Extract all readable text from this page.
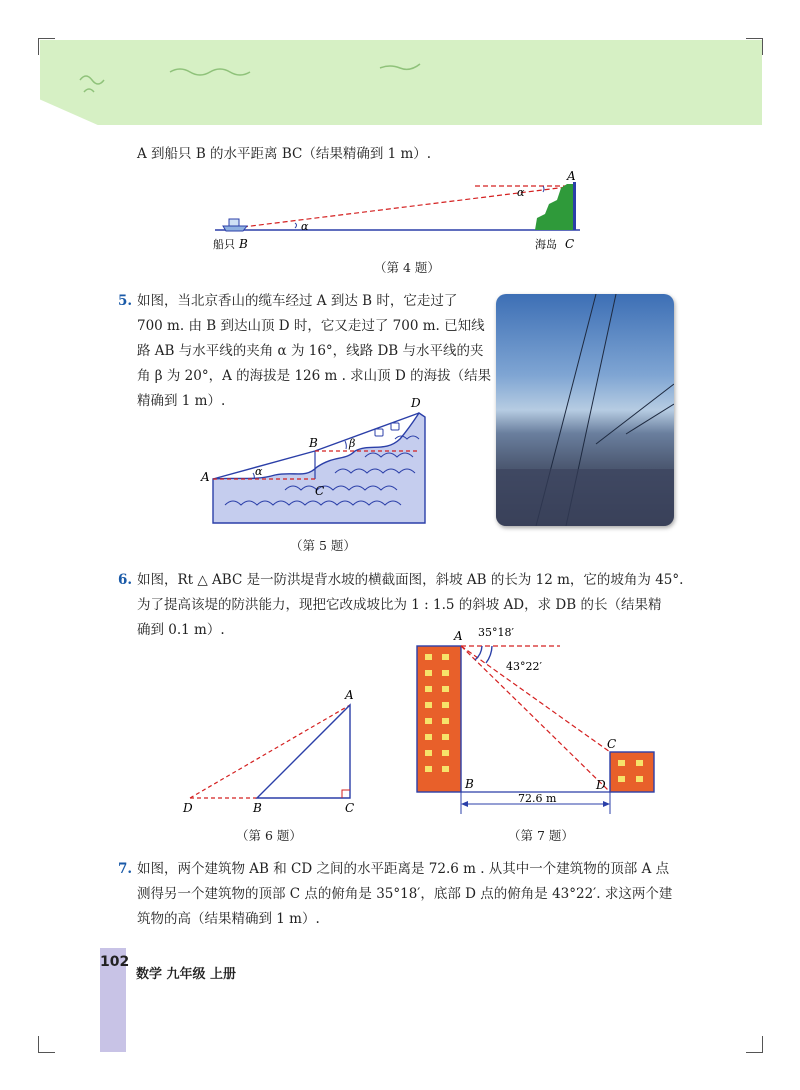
A 到船只 B 的水平距离 BC（结果精确到 1 m）.
A
α
α
船只 B	海岛 C
（第 4 题）
5. 如图，当北京香山的缆车经过 A 到达 B 时，它走过了
700 m. 由 B 到达山顶 D 时，它又走过了 700 m. 已知线
路 AB 与水平线的夹角 α 为 16°，线路 DB 与水平线的夹
角 β 为 20°，A 的海拔是 126 m . 求山顶 D 的海拔（结果
精确到 1 m）.
A
B
C
D
α
β
（第 5 题）
6. 如图，Rt △ ABC 是一防洪堤背水坡的横截面图，斜坡 AB 的长为 12 m，它的坡角为 45°.
为了提高该堤的防洪能力，现把它改成坡比为 1 : 1.5 的斜坡 AD，求 DB 的长（结果精
确到 0.1 m）.
A
B	C
D
（第 6 题）
A
B
C
D
35°18′
43°22′
72.6 m
（第 7 题）
7. 如图，两个建筑物 AB 和 CD 之间的水平距离是 72.6 m . 从其中一个建筑物的顶部 A 点
测得另一个建筑物的顶部 C 点的俯角是 35°18′，底部 D 点的俯角是 43°22′. 求这两个建
筑物的高（结果精确到 1 m）.
102
数学 九年级 上册
